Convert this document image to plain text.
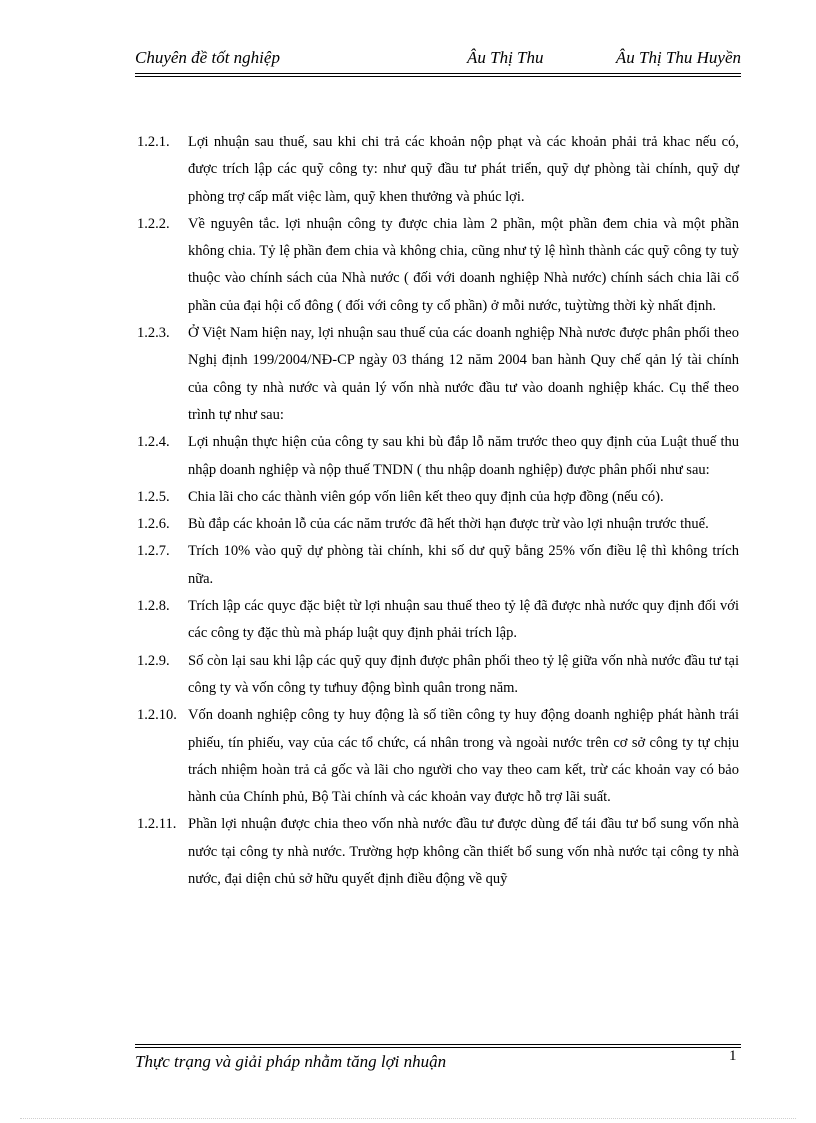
Chuyên đề tốt nghiệp	Âu Thị Thu	Âu Thị Thu Huyền
1.2.1.	Lợi nhuận sau thuế, sau khi chi trả các khoản nộp phạt và các khoản phải trả khac nếu có, được trích lập các quỹ công ty: như quỹ đầu tư phát triển, quỹ dự phòng tài chính, quỹ dự phòng trợ cấp mất việc làm, quỹ khen thưởng và phúc lợi.
1.2.2.	Về nguyên tắc. lợi nhuận công ty được chia làm 2 phần, một phần đem chia và một phần không chia. Tỷ lệ phần đem chia và không chia, cũng như tỷ lệ hình thành các quỹ công ty tuỳ thuộc vào chính sách của Nhà nước ( đối với doanh nghiệp Nhà nước) chính sách chia lãi cổ phần của đại hội cổ đông ( đối với công ty cổ phần) ở mỗi nước, tuỳtừng thời kỳ nhất định.
1.2.3.	Ở Việt Nam hiện nay, lợi nhuận sau thuế của các doanh nghiệp Nhà nươc được phân phối theo Nghị định 199/2004/NĐ-CP ngày 03 tháng 12 năm 2004 ban hành Quy chế qản lý tài chính của công ty nhà nước và quản lý vốn nhà nước đầu tư vào doanh nghiệp khác. Cụ thể theo trình tự như sau:
1.2.4.	Lợi nhuận thực hiện của công ty sau khi bù đắp lỗ năm trước theo quy định của Luật thuế thu nhập doanh nghiệp và nộp thuế TNDN ( thu nhập doanh nghiệp) được phân phối như sau:
1.2.5.	Chia lãi cho các thành viên góp vốn liên kết theo quy định của hợp đồng (nếu có).
1.2.6.	Bù đắp các khoản lỗ của các năm trước đã hết thời hạn được trừ vào lợi nhuận trước thuế.
1.2.7.	Trích 10% vào quỹ dự phòng tài chính, khi số dư quỹ bằng 25% vốn điều lệ thì không trích nữa.
1.2.8.	Trích lập các quyc đặc biệt từ lợi nhuận sau thuế theo tỷ lệ đã được nhà nước quy định đối với các công ty đặc thù mà pháp luật quy định phải trích lập.
1.2.9.	Số còn lại sau khi lập các quỹ quy định được phân phối theo tỷ lệ giữa vốn nhà nước đầu tư tại công ty và vốn công ty tưhuy động bình quân trong năm.
1.2.10. Vốn doanh nghiệp công ty huy động là số tiền công ty huy động doanh nghiệp phát hành trái phiếu, tín phiếu, vay của các tổ chức, cá nhân trong và ngoài nước trên cơ sở công ty tự chịu trách nhiệm hoàn trả cả gốc và lãi cho người cho vay theo cam kết, trừ các khoản vay có bảo hành của Chính phủ, Bộ Tài chính và các khoản vay được hỗ trợ lãi suất.
1.2.11. Phần lợi nhuận được chia theo vốn nhà nước đầu tư được dùng để tái đầu tư bổ sung vốn nhà nước tại công ty nhà nước. Trường hợp không cần thiết bổ sung vốn nhà nước tại công ty nhà nước, đại diện chủ sở hữu quyết định điều động về quỹ
Thực trạng và giải pháp nhằm tăng lợi nhuận	1
